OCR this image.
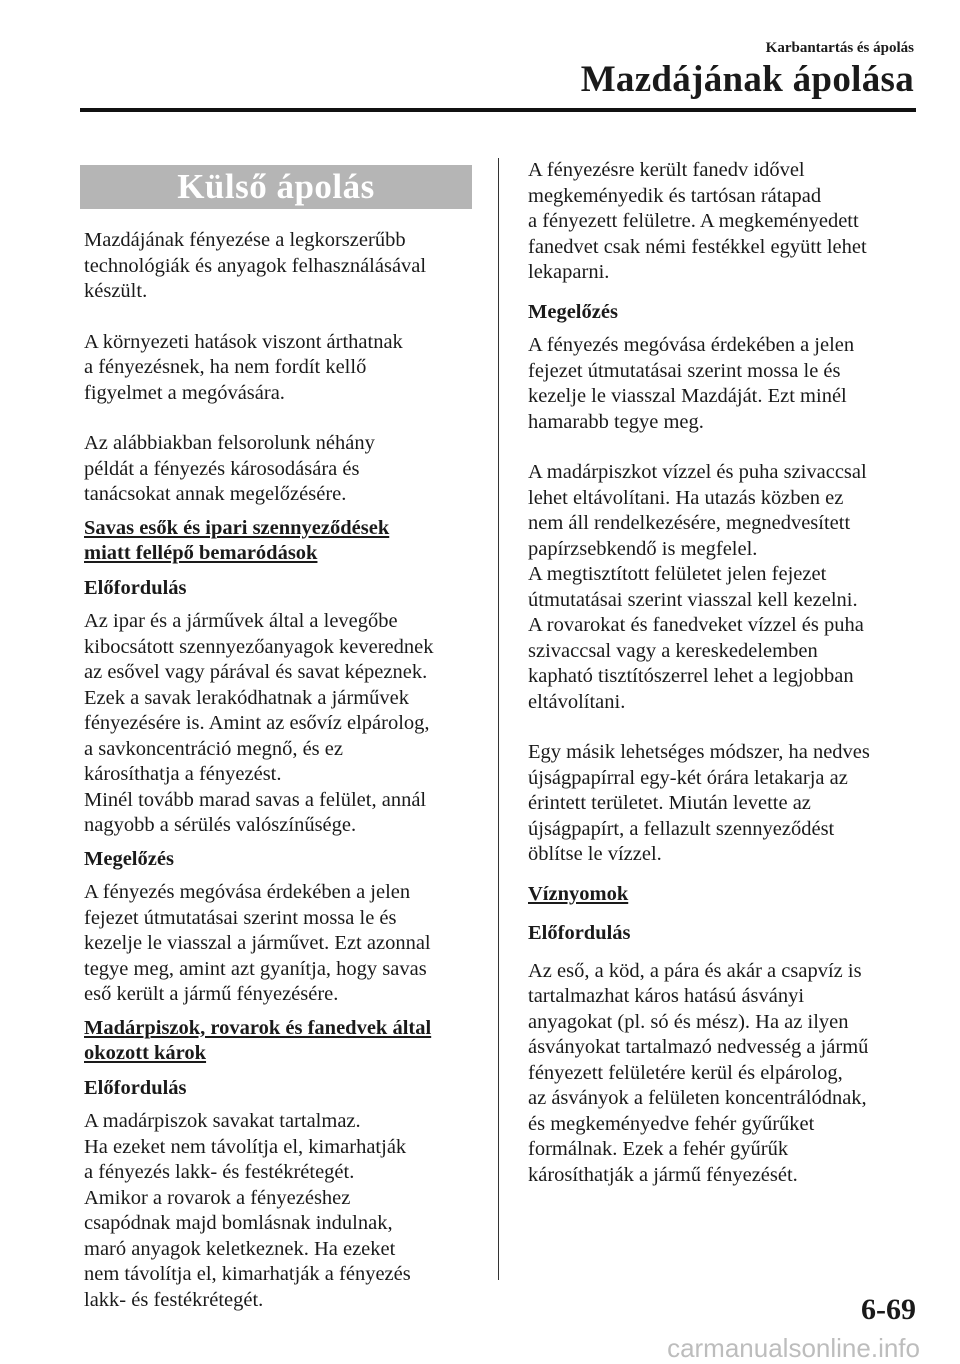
Karbantartás és ápolás
Mazdájának ápolása
Külső ápolás

Mazdájának fényezése a legkorszerűbb
technológiák és anyagok felhasználásával
készült.

A környezeti hatások viszont árthatnak
a fényezésnek, ha nem fordít kellő
figyelmet a megóvására.

Az alábbiakban felsorolunk néhány
példát a fényezés károsodására és
tanácsokat annak megelőzésére.

Savas esők és ipari szennyeződések
miatt fellépő bemaródások
Előfordulás

Az ipar és a járművek által a levegőbe
kibocsátott szennyezőanyagok keverednek
az esővel vagy párával és savat képeznek.
Ezek a savak lerakódhatnak a járművek
fényezésére is. Amint az esővíz elpárolog,
a savkoncentráció megnő, és ez
károsíthatja a fényezést.
Minél tovább marad savas a felület, annál
nagyobb a sérülés valószínűsége.

Megelőzés

A fényezés megóvása érdekében a jelen
fejezet útmutatásai szerint mossa le és
kezelje le viasszal a járművet. Ezt azonnal
tegye meg, amint azt gyanítja, hogy savas
eső került a jármű fényezésére.

Madárpiszok, rovarok és fanedvek által
okozott károk
Előfordulás

A madárpiszok savakat tartalmaz.
Ha ezeket nem távolítja el, kimarhatják
a fényezés lakk- és festékrétegét.
Amikor a rovarok a fényezéshez
csapódnak majd bomlásnak indulnak,
maró anyagok keletkeznek. Ha ezeket
nem távolítja el, kimarhatják a fényezés
lakk- és festékrétegét.

A fényezésre került fanedv idővel
megkeményedik és tartósan rátapad
a fényezett felületre. A megkeményedett
fanedvet csak némi festékkel együtt lehet
lekaparni.

Megelőzés

A fényezés megóvása érdekében a jelen
fejezet útmutatásai szerint mossa le és
kezelje le viasszal Mazdáját. Ezt minél
hamarabb tegye meg.

A madárpiszkot vízzel és puha szivaccsal
lehet eltávolítani. Ha utazás közben ez
nem áll rendelkezésére, megnedvesített
papírzsebkendő is megfelel.
A megtisztított felületet jelen fejezet
útmutatásai szerint viasszal kell kezelni.
A rovarokat és fanedveket vízzel és puha
szivaccsal vagy a kereskedelemben
kapható tisztítószerrel lehet a legjobban
eltávolítani.

Egy másik lehetséges módszer, ha nedves
újságpapírral egy-két órára letakarja az
érintett területet. Miután levette az
újságpapírt, a fellazult szennyeződést
öblítse le vízzel.

Víznyomok
Előfordulás

Az eső, a köd, a pára és akár a csapvíz is
tartalmazhat káros hatású ásványi
anyagokat (pl. só és mész). Ha az ilyen
ásványokat tartalmazó nedvesség a jármű
fényezett felületére kerül és elpárolog,
az ásványok a felületen koncentrálódnak,
és megkeményedve fehér gyűrűket
formálnak. Ezek a fehér gyűrűk
károsíthatják a jármű fényezését.

6-69
carmanualsonline.info
